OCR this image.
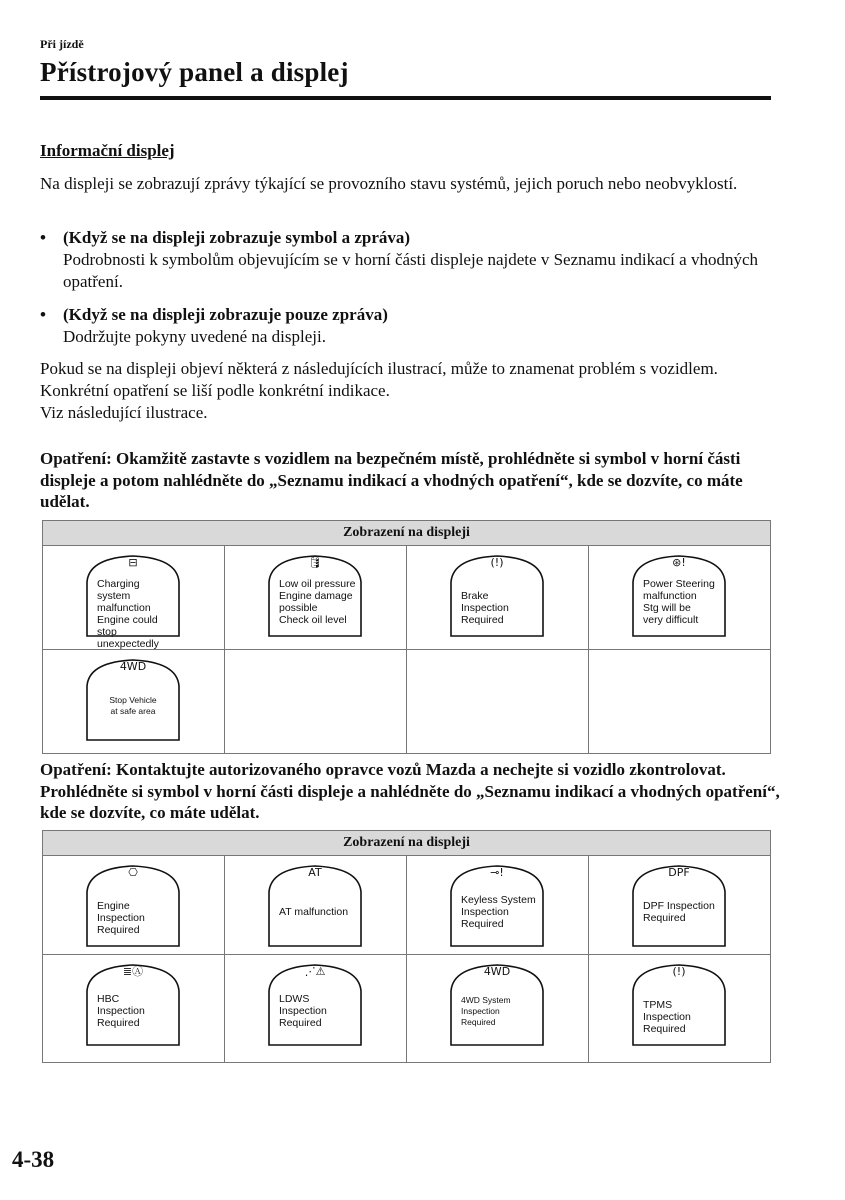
Při jízdě
Přístrojový panel a displej
Informační displej
Na displeji se zobrazují zprávy týkající se provozního stavu systémů, jejich poruch nebo neobvyklostí.
• (Když se na displeji zobrazuje symbol a zpráva)
Podrobnosti k symbolům objevujícím se v horní části displeje najdete v Seznamu indikací a vhodných opatření.
• (Když se na displeji zobrazuje pouze zpráva)
Dodržujte pokyny uvedené na displeji.
Pokud se na displeji objeví některá z následujících ilustrací, může to znamenat problém s vozidlem. Konkrétní opatření se liší podle konkrétní indikace.
Viz následující ilustrace.
Opatření: Okamžitě zastavte s vozidlem na bezpečném místě, prohlédněte si symbol v horní části displeje a potom nahlédněte do „Seznamu indikací a vhodných opatření“, kde se dozvíte, co máte udělat.
Zobrazení na displeji
⊟
Charging system
malfunction
Engine could
stop unexpectedly
🛢
Low oil pressure
Engine damage
possible
Check oil level
(!)
Brake Inspection
Required
⊛!
Power Steering
malfunction
Stg will be
very difficult
4WD
Stop Vehicle
at safe area
Opatření: Kontaktujte autorizovaného opravce vozů Mazda a nechejte si vozidlo zkontrolovat. Prohlédněte si symbol v horní části displeje a nahlédněte do „Seznamu indikací a vhodných opatření“, kde se dozvíte, co máte udělat.
Zobrazení na displeji
⎔
Engine Inspection
Required
AT
AT malfunction
⊸!
Keyless System
Inspection
Required
DPF
DPF Inspection
Required
≣Ⓐ
HBC
Inspection
Required
⋰⚠
LDWS
Inspection
Required
4WD
4WD System
Inspection
Required
(!)
TPMS Inspection
Required
4-38
